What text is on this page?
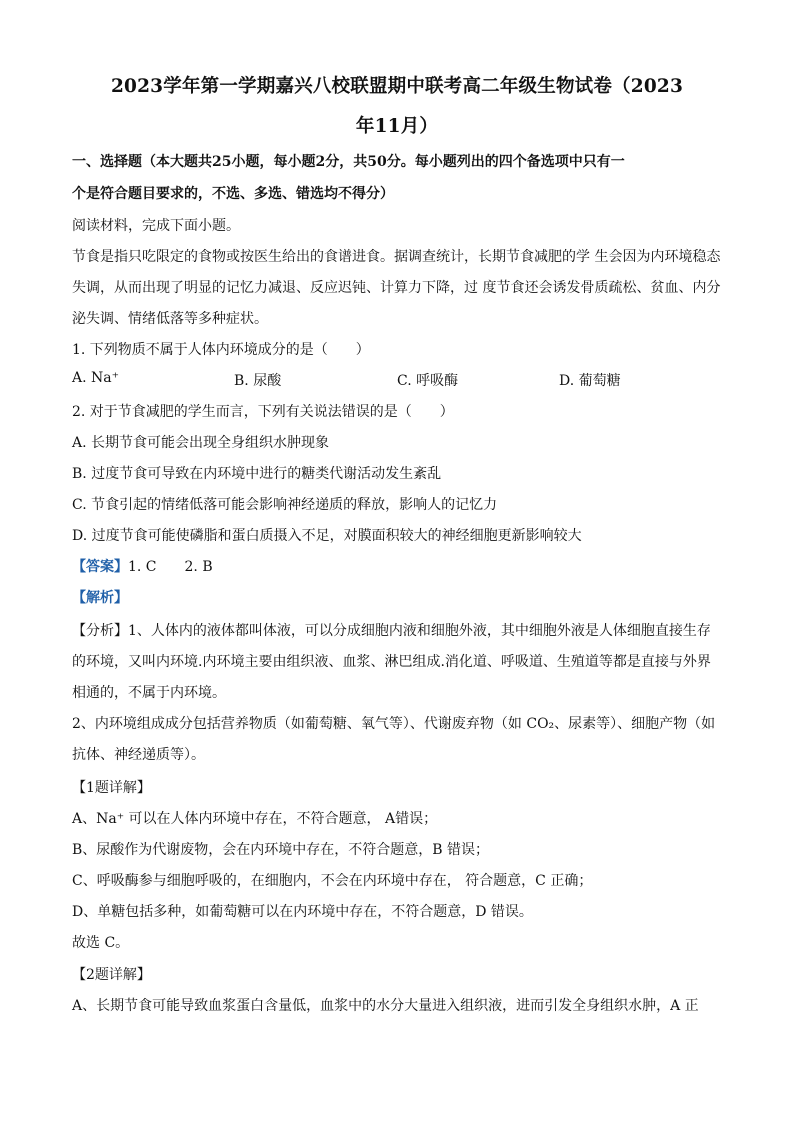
2023学年第一学期嘉兴八校联盟期中联考高二年级生物试卷（2023
年11月）
一、选择题（本大题共25小题，每小题2分，共50分。每小题列出的四个备选项中只有一
个是符合题目要求的，不选、多选、错选均不得分）
阅读材料，完成下面小题。
节食是指只吃限定的食物或按医生给出的食谱进食。据调查统计，长期节食减肥的学 生会因为内环境稳态
失调，从而出现了明显的记忆力减退、反应迟钝、计算力下降，过 度节食还会诱发骨质疏松、贫血、内分
泌失调、情绪低落等多种症状。
1. 下列物质不属于人体内环境成分的是（　　）
A. Na⁺	B. 尿酸	C. 呼吸酶	D. 葡萄糖
2. 对于节食减肥的学生而言，下列有关说法错误的是（　　）
A. 长期节食可能会出现全身组织水肿现象
B. 过度节食可导致在内环境中进行的糖类代谢活动发生紊乱
C. 节食引起的情绪低落可能会影响神经递质的释放，影响人的记忆力
D. 过度节食可能使磷脂和蛋白质摄入不足，对膜面积较大的神经细胞更新影响较大
【答案】1. C　　2. B
【解析】
【分析】1、人体内的液体都叫体液，可以分成细胞内液和细胞外液，其中细胞外液是人体细胞直接生存
的环境，又叫内环境.内环境主要由组织液、血浆、淋巴组成.消化道、呼吸道、生殖道等都是直接与外界
相通的，不属于内环境。
2、内环境组成成分包括营养物质（如葡萄糖、氧气等）、代谢废弃物（如 CO₂、尿素等）、细胞产物（如
抗体、神经递质等）。
【1题详解】
A、Na⁺ 可以在人体内环境中存在，不符合题意， A错误；
B、尿酸作为代谢废物，会在内环境中存在，不符合题意，B 错误；
C、呼吸酶参与细胞呼吸的，在细胞内，不会在内环境中存在， 符合题意，C 正确；
D、单糖包括多种，如葡萄糖可以在内环境中存在，不符合题意，D 错误。
故选 C。
【2题详解】
A、长期节食可能导致血浆蛋白含量低，血浆中的水分大量进入组织液，进而引发全身组织水肿，A 正
